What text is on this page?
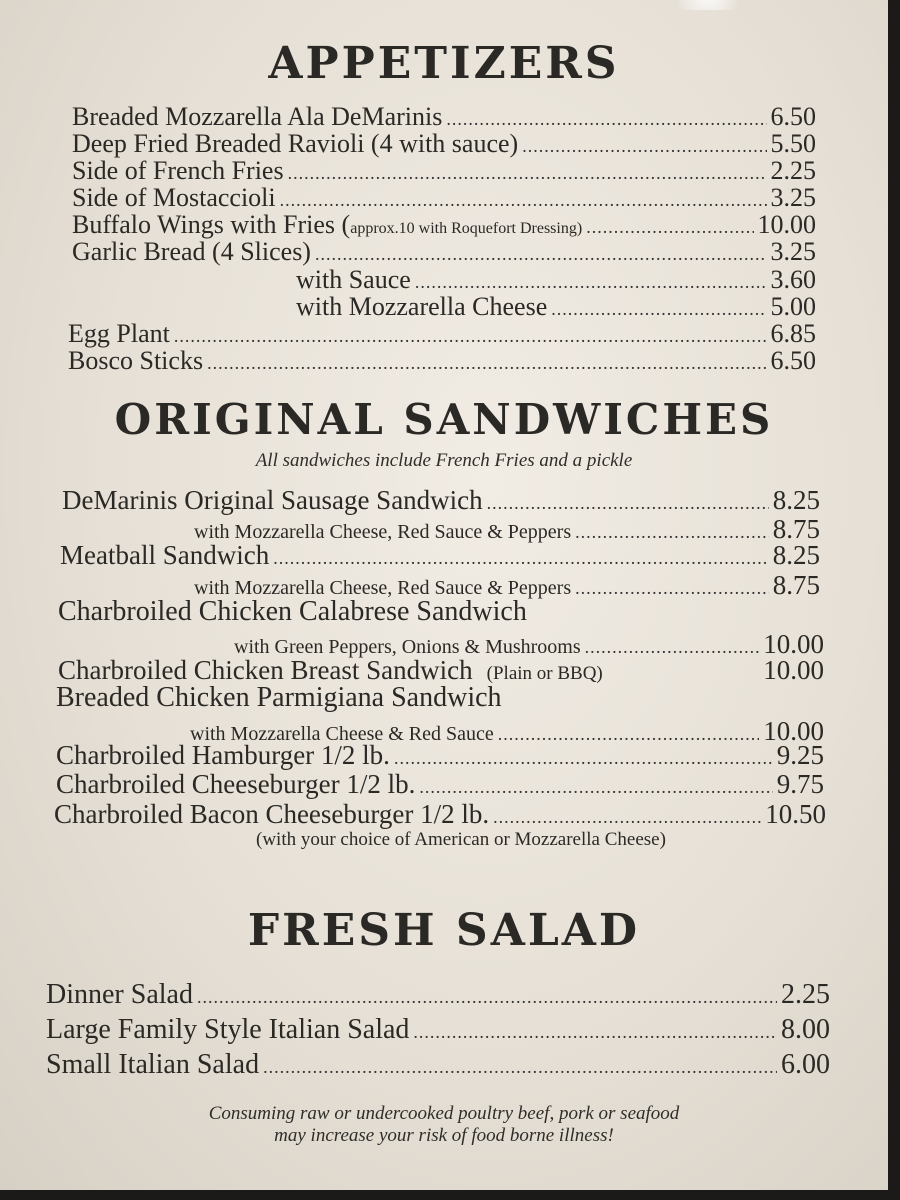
APPETIZERS
Breaded Mozzarella Ala DeMarinis .....	6.50
Deep Fried Breaded Ravioli (4 with sauce) .....	5.50
Side of French Fries .....	2.25
Side of Mostaccioli .....	3.25
Buffalo Wings with Fries ( approx.10 with Roquefort Dressing) .....	10.00
Garlic Bread (4 Slices) .....	3.25
with Sauce .....	3.60
with Mozzarella Cheese .....	5.00
Egg Plant .....	6.85
Bosco Sticks .....	6.50
ORIGINAL SANDWICHES
All sandwiches include French Fries and a pickle
DeMarinis Original Sausage Sandwich .....	8.25
with Mozzarella Cheese, Red Sauce & Peppers .....	8.75
Meatball Sandwich .....	8.25
with Mozzarella Cheese, Red Sauce & Peppers .....	8.75
Charbroiled Chicken Calabrese Sandwich
with Green Peppers, Onions & Mushrooms .....	10.00
Charbroiled Chicken Breast Sandwich (Plain or BBQ)	10.00
Breaded Chicken Parmigiana Sandwich
with Mozzarella Cheese & Red Sauce .....	10.00
Charbroiled Hamburger 1/2 lb. .....	9.25
Charbroiled Cheeseburger 1/2 lb. .....	9.75
Charbroiled Bacon Cheeseburger 1/2 lb. .....	10.50
(with your choice of American or Mozzarella Cheese)
FRESH SALAD
Dinner Salad .....	2.25
Large Family Style Italian Salad .....	8.00
Small Italian Salad .....	6.00
Consuming raw or undercooked poultry beef, pork or seafood
may increase your risk of food borne illness!
